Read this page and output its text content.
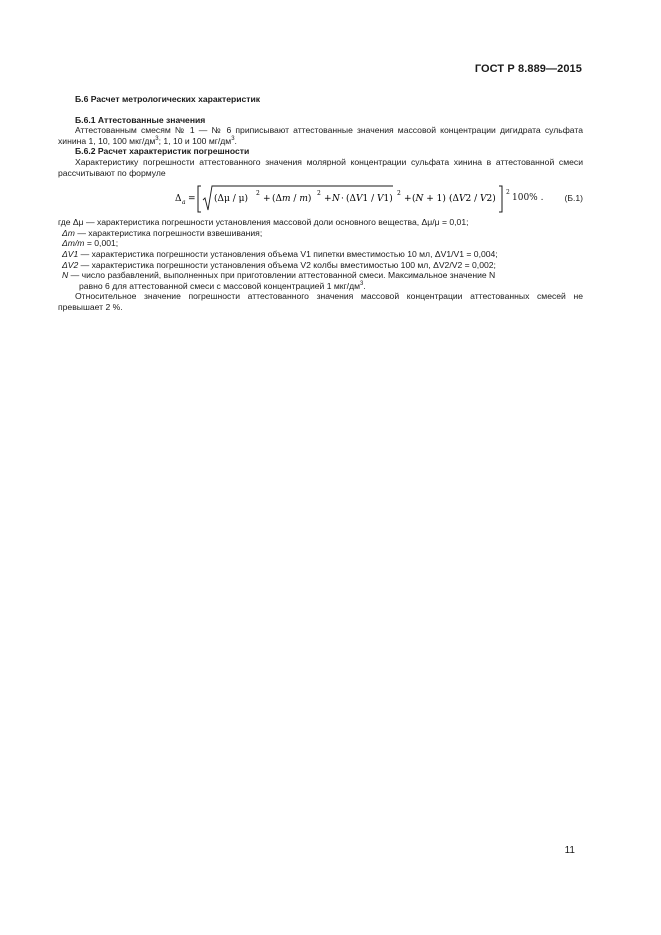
ГОСТ Р 8.889—2015

Б.6 Расчет метрологических характеристик

Б.6.1 Аттестованные значения

Аттестованным смесям № 1 — № 6 приписывают аттестованные значения массовой концентрации дигидрата сульфата хинина 1, 10, 100 мкг/$дм^3$; 1, 10 и 100 $мг/дм^3$.

Б.6.2 Расчет характеристик погрешности

Характеристику погрешности аттестованного значения молярной концентрации сульфата хинина в аттестованной смеси рассчитывают по формуле

Δ a = (Δμ / μ)
2
+ (Δm / m)
2
+ N · (ΔV1 / V1)
2
+ (N + 1) ·
(ΔV2 / V2)
2
100% . (Б.1)

где Δμ — характеристика погрешности установления массовой доли основного вещества, Δμ/μ = 0,01;

Δm — характеристика погрешности взвешивания;

Δm/m = 0,001;

ΔV1 — характеристика погрешности установления объема V1 пипетки вместимостью 10 мл, ΔV1/V1 = 0,004;

ΔV2 — характеристика погрешности установления объема V2 колбы вместимостью 100 мл, ΔV2/V2 = 0,002;

N — число разбавлений, выполненных при приготовлении аттестованной смеси. Максимальное значение N
равно 6 для аттестованной смеси с массовой концентрацией 1 мкг/$дм^3$.

Относительное значение погрешности аттестованного значения массовой концентрации аттестованных смесей не превышает 2 %.

11
